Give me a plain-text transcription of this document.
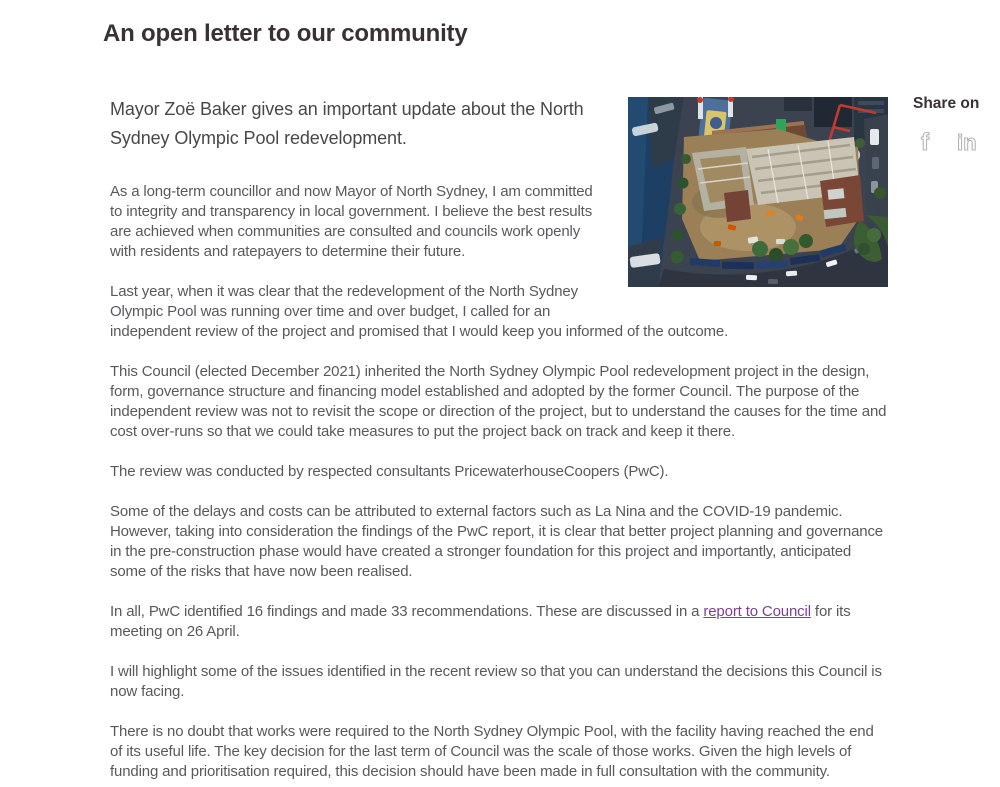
An open letter to our community

Mayor Zoë Baker gives an important update about the North Sydney Olympic Pool redevelopment.

As a long-term councillor and now Mayor of North Sydney, I am committed to integrity and transparency in local government. I believe the best results are achieved when communities are consulted and councils work openly with residents and ratepayers to determine their future.

Last year, when it was clear that the redevelopment of the North Sydney Olympic Pool was running over time and over budget, I called for an independent review of the project and promised that I would keep you informed of the outcome.

This Council (elected December 2021) inherited the North Sydney Olympic Pool redevelopment project in the design, form, governance structure and financing model established and adopted by the former Council. The purpose of the independent review was not to revisit the scope or direction of the project, but to understand the causes for the time and cost over-runs so that we could take measures to put the project back on track and keep it there.

The review was conducted by respected consultants PricewaterhouseCoopers (PwC).

Some of the delays and costs can be attributed to external factors such as La Nina and the COVID-19 pandemic. However, taking into consideration the findings of the PwC report, it is clear that better project planning and governance in the pre-construction phase would have created a stronger foundation for this project and importantly, anticipated some of the risks that have now been realised.

In all, PwC identified 16 findings and made 33 recommendations. These are discussed in a report to Council for its meeting on 26 April.

I will highlight some of the issues identified in the recent review so that you can understand the decisions this Council is now facing.

There is no doubt that works were required to the North Sydney Olympic Pool, with the facility having reached the end of its useful life. The key decision for the last term of Council was the scale of those works. Given the high levels of funding and prioritisation required, this decision should have been made in full consultation with the community.

Share on
f in
